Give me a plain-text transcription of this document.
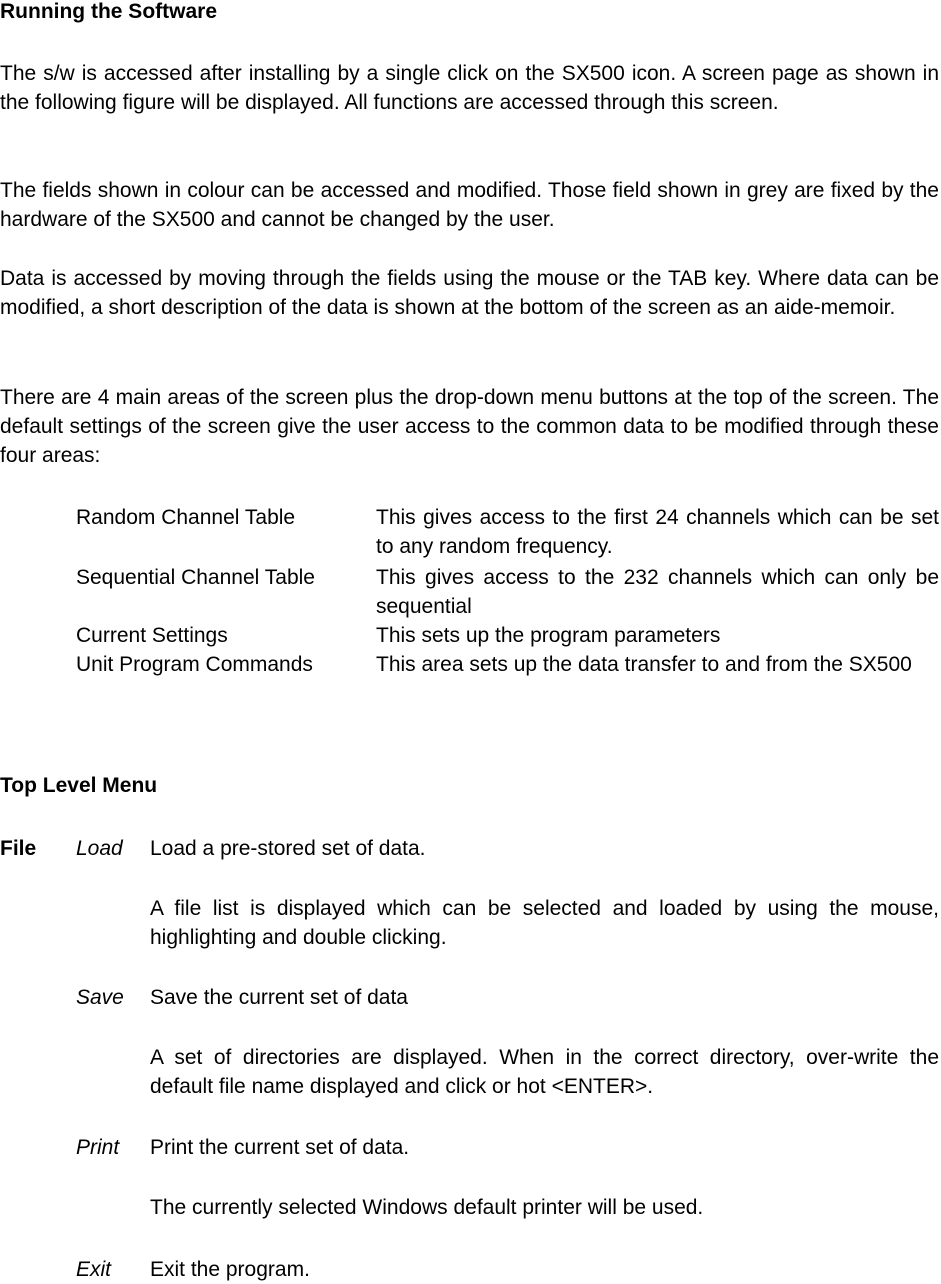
Running the Software

The s/w is accessed after installing by a single click on the SX500 icon. A screen page as shown in the following figure will be displayed. All functions are accessed through this screen.

The fields shown in colour can be accessed and modified. Those field shown in grey are fixed by the hardware of the SX500 and cannot be changed by the user.

Data is accessed by moving through the fields using the mouse or the TAB key. Where data can be modified, a short description of the data is shown at the bottom of the screen as an aide-memoir.

There are 4 main areas of the screen plus the drop-down menu buttons at the top of the screen. The default settings of the screen give the user access to the common data to be modified through these four areas:

Random Channel Table	This gives access to the first 24 channels which can be set to any random frequency.
Sequential Channel Table	This gives access to the 232 channels which can only be sequential
Current Settings	This sets up the program parameters
Unit Program Commands	This area sets up the data transfer to and from the SX500
Top Level Menu
File Load Load a pre-stored set of data.
A file list is displayed which can be selected and loaded by using the mouse, highlighting and double clicking.
Save Save the current set of data
A set of directories are displayed. When in the correct directory, over-write the default file name displayed and click or hot <ENTER>.
Print Print the current set of data.
The currently selected Windows default printer will be used.
Exit Exit the program.
